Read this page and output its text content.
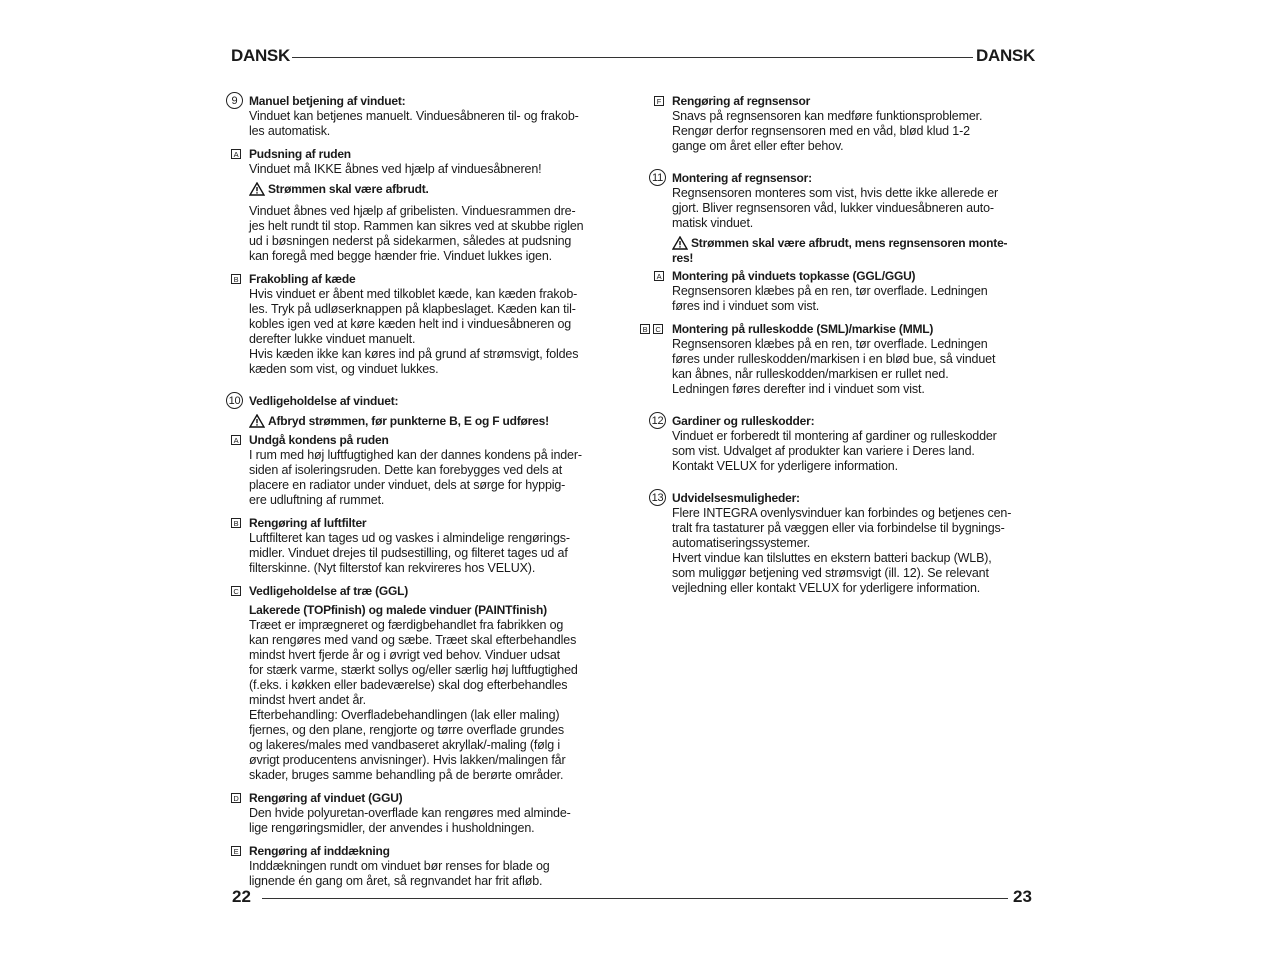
DANSK	DANSK
9 Manuel betjening af vinduet:
Vinduet kan betjenes manuelt. Vinduesåbneren til- og frakob-
les automatisk.
A Pudsning af ruden
Vinduet må IKKE åbnes ved hjælp af vinduesåbneren!
Strømmen skal være afbrudt.
Vinduet åbnes ved hjælp af gribelisten. Vinduesrammen dre-
jes helt rundt til stop. Rammen kan sikres ved at skubbe riglen
ud i bøsningen nederst på sidekarmen, således at pudsning
kan foregå med begge hænder frie. Vinduet lukkes igen.
B Frakobling af kæde
Hvis vinduet er åbent med tilkoblet kæde, kan kæden frakob-
les. Tryk på udløserknappen på klapbeslaget. Kæden kan til-
kobles igen ved at køre kæden helt ind i vinduesåbneren og
derefter lukke vinduet manuelt.
Hvis kæden ikke kan køres ind på grund af strømsvigt, foldes
kæden som vist, og vinduet lukkes.
10 Vedligeholdelse af vinduet:
Afbryd strømmen, før punkterne B, E og F udføres!
A Undgå kondens på ruden
I rum med høj luftfugtighed kan der dannes kondens på inder-
siden af isoleringsruden. Dette kan forebygges ved dels at
placere en radiator under vinduet, dels at sørge for hyppig-
ere udluftning af rummet.
B Rengøring af luftfilter
Luftfilteret kan tages ud og vaskes i almindelige rengørings-
midler. Vinduet drejes til pudsestilling, og filteret tages ud af
filterskinne. (Nyt filterstof kan rekvireres hos VELUX).
C Vedligeholdelse af træ (GGL)
Lakerede (TOPfinish) og malede vinduer (PAINTfinish)
Træet er imprægneret og færdigbehandlet fra fabrikken og
kan rengøres med vand og sæbe. Træet skal efterbehandles
mindst hvert fjerde år og i øvrigt ved behov. Vinduer udsat
for stærk varme, stærkt sollys og/eller særlig høj luftfugtighed
(f.eks. i køkken eller badeværelse) skal dog efterbehandles
mindst hvert andet år.
Efterbehandling: Overfladebehandlingen (lak eller maling)
fjernes, og den plane, rengjorte og tørre overflade grundes
og lakeres/males med vandbaseret akryllak/-maling (følg i
øvrigt producentens anvisninger). Hvis lakken/malingen får
skader, bruges samme behandling på de berørte områder.
D Rengøring af vinduet (GGU)
Den hvide polyuretan-overflade kan rengøres med alminde-
lige rengøringsmidler, der anvendes i husholdningen.
E Rengøring af inddækning
Inddækningen rundt om vinduet bør renses for blade og
lignende én gang om året, så regnvandet har frit afløb.
F Rengøring af regnsensor
Snavs på regnsensoren kan medføre funktionsproblemer.
Rengør derfor regnsensoren med en våd, blød klud 1-2
gange om året eller efter behov.
11 Montering af regnsensor:
Regnsensoren monteres som vist, hvis dette ikke allerede er
gjort. Bliver regnsensoren våd, lukker vinduesåbneren auto-
matisk vinduet.
Strømmen skal være afbrudt, mens regnsensoren monte-
res!
A Montering på vinduets topkasse (GGL/GGU)
Regnsensoren klæbes på en ren, tør overflade. Ledningen
føres ind i vinduet som vist.
B	C Montering på rulleskodde (SML)/markise (MML)
Regnsensoren klæbes på en ren, tør overflade. Ledningen
føres under rulleskodden/markisen i en blød bue, så vinduet
kan åbnes, når rulleskodden/markisen er rullet ned.
Ledningen føres derefter ind i vinduet som vist.
12 Gardiner og rulleskodder:
Vinduet er forberedt til montering af gardiner og rulleskodder
som vist. Udvalget af produkter kan variere i Deres land.
Kontakt VELUX for yderligere information.
13 Udvidelsesmuligheder:
Flere INTEGRA ovenlysvinduer kan forbindes og betjenes cen-
tralt fra tastaturer på væggen eller via forbindelse til bygnings-
automatiseringssystemer.
Hvert vindue kan tilsluttes en ekstern batteri backup (WLB),
som muliggør betjening ved strømsvigt (ill. 12). Se relevant
vejledning eller kontakt VELUX for yderligere information.
22	23
